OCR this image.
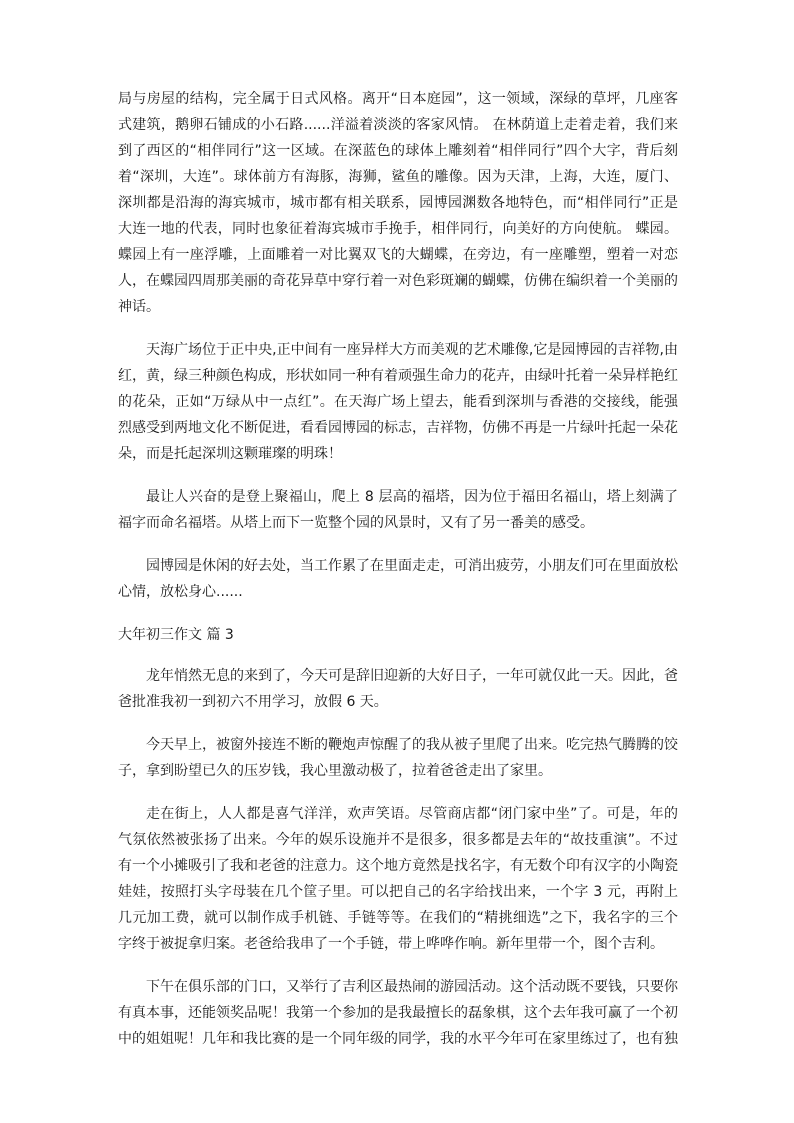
局与房屋的结构，完全属于日式风格。离开“日本庭园”，这一领域，深绿的草坪，几座客式建筑，鹅卵石铺成的小石路......洋溢着淡淡的客家风情。 在林荫道上走着走着，我们来到了西区的“相伴同行”这一区域。在深蓝色的球体上雕刻着“相伴同行”四个大字，背后刻着“深圳，大连”。球体前方有海豚，海狮，鲨鱼的雕像。因为天津，上海，大连，厦门、深圳都是沿海的海宾城市，城市都有相关联系，园博园渊数各地特色，而“相伴同行”正是大连一地的代表，同时也象征着海宾城市手挽手，相伴同行，向美好的方向使航。 蝶园。蝶园上有一座浮雕，上面雕着一对比翼双飞的大蝴蝶，在旁边，有一座雕塑，塑着一对恋人，在蝶园四周那美丽的奇花异草中穿行着一对色彩斑斓的蝴蝶，仿佛在编织着一个美丽的神话。

天海广场位于正中央,正中间有一座异样大方而美观的艺术雕像,它是园博园的吉祥物,由红，黄，绿三种颜色构成，形状如同一种有着顽强生命力的花卉，由绿叶托着一朵异样艳红的花朵，正如“万绿从中一点红”。在天海广场上望去，能看到深圳与香港的交接线，能强烈感受到两地文化不断促进，看看园博园的标志，吉祥物，仿佛不再是一片绿叶托起一朵花朵，而是托起深圳这颗璀璨的明珠！

最让人兴奋的是登上聚福山，爬上 8 层高的福塔，因为位于福田名福山，塔上刻满了福字而命名福塔。从塔上而下一览整个园的风景时，又有了另一番美的感受。

园博园是休闲的好去处，当工作累了在里面走走，可消出疲劳，小朋友们可在里面放松心情，放松身心......

大年初三作文 篇 3

龙年悄然无息的来到了，今天可是辞旧迎新的大好日子，一年可就仅此一天。因此，爸爸批准我初一到初六不用学习，放假 6 天。

今天早上，被窗外接连不断的鞭炮声惊醒了的我从被子里爬了出来。吃完热气腾腾的饺子，拿到盼望已久的压岁钱，我心里激动极了，拉着爸爸走出了家里。

走在街上，人人都是喜气洋洋，欢声笑语。尽管商店都“闭门家中坐”了。可是，年的气氛依然被张扬了出来。今年的娱乐设施并不是很多，很多都是去年的“故技重演”。不过有一个小摊吸引了我和老爸的注意力。这个地方竟然是找名字，有无数个印有汉字的小陶瓷娃娃，按照打头字母装在几个筐子里。可以把自己的名字给找出来，一个字 3 元，再附上几元加工费，就可以制作成手机链、手链等等。在我们的“精挑细选”之下，我名字的三个字终于被捉拿归案。老爸给我串了一个手链，带上哗哗作响。新年里带一个，图个吉利。

下午在俱乐部的门口，又举行了吉利区最热闹的游园活动。这个活动既不要钱，只要你有真本事，还能领奖品呢！我第一个参加的是我最擅长的磊象棋，这个去年我可赢了一个初中的姐姐呢！几年和我比赛的是一个同年级的同学，我的水平今年可在家里练过了，也有独
